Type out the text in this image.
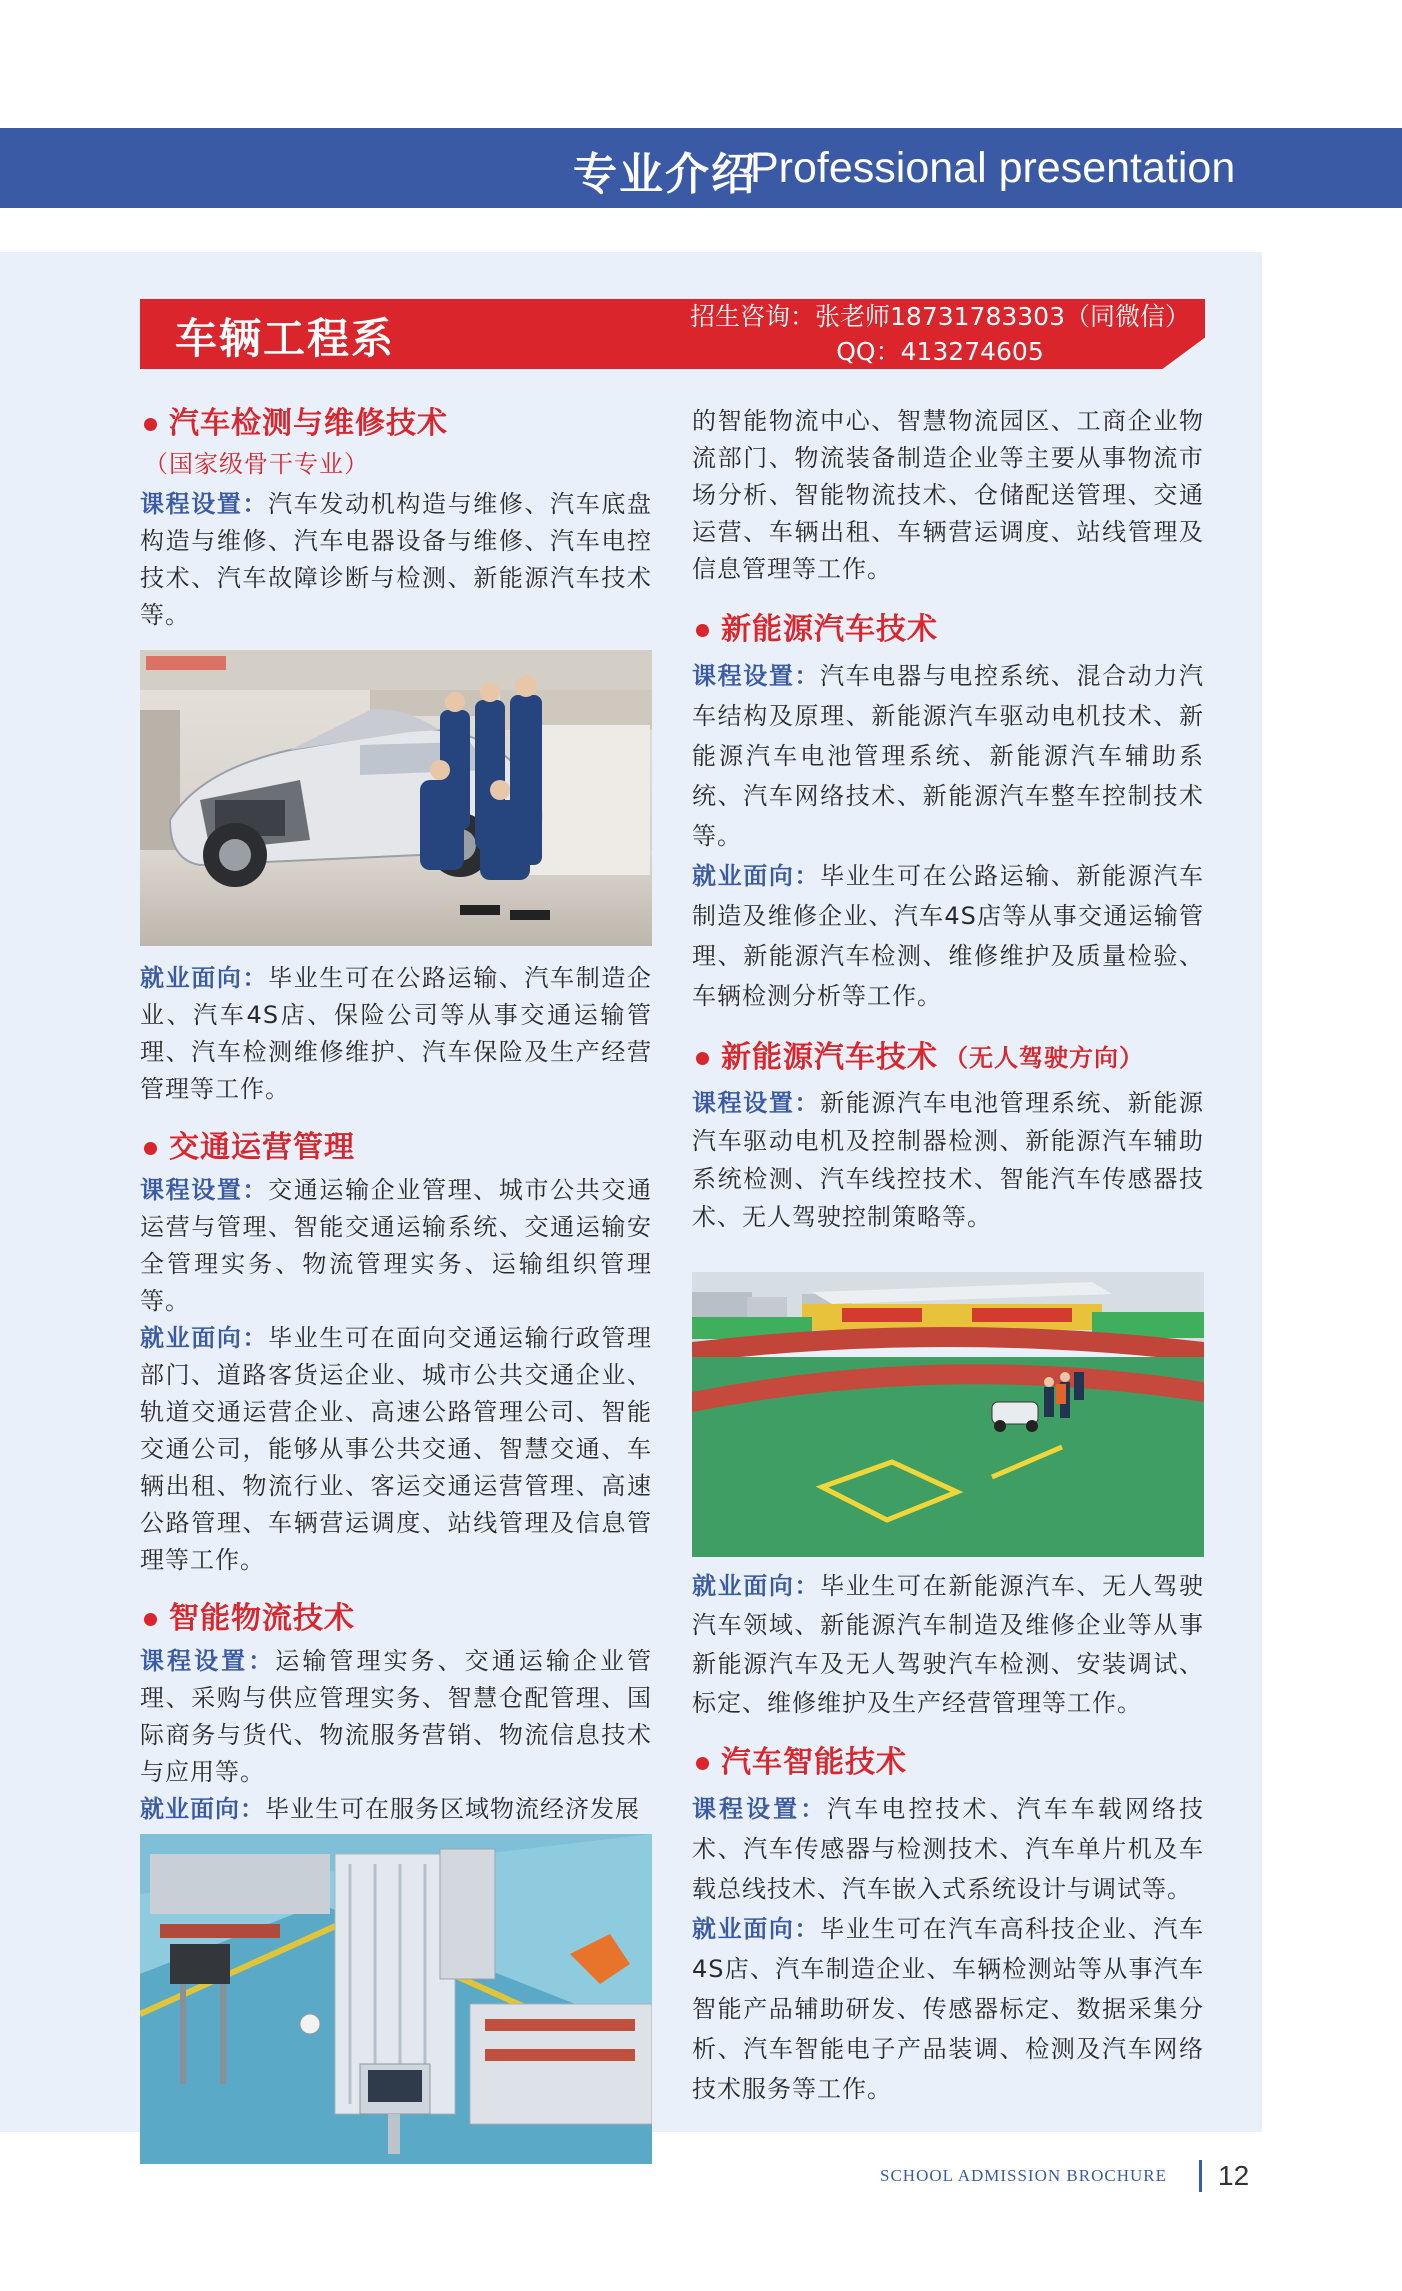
专业介绍
Professional presentation
车辆工程系	招生咨询：张老师18731783303（同微信）
QQ：413274605
汽车检测与维修技术
（国家级骨干专业）
课程设置：汽车发动机构造与维修、汽车底盘构造与维修、汽车电器设备与维修、汽车电控技术、汽车故障诊断与检测、新能源汽车技术等。
就业面向：毕业生可在公路运输、汽车制造企业、汽车4S店、保险公司等从事交通运输管理、汽车检测维修维护、汽车保险及生产经营管理等工作。
交通运营管理
课程设置：交通运输企业管理、城市公共交通运营与管理、智能交通运输系统、交通运输安全管理实务、物流管理实务、运输组织管理等。
就业面向：毕业生可在面向交通运输行政管理部门、道路客货运企业、城市公共交通企业、轨道交通运营企业、高速公路管理公司、智能交通公司，能够从事公共交通、智慧交通、车辆出租、物流行业、客运交通运营管理、高速公路管理、车辆营运调度、站线管理及信息管理等工作。
智能物流技术
课程设置：运输管理实务、交通运输企业管理、采购与供应管理实务、智慧仓配管理、国际商务与货代、物流服务营销、物流信息技术与应用等。
就业面向：毕业生可在服务区域物流经济发展
的智能物流中心、智慧物流园区、工商企业物流部门、物流装备制造企业等主要从事物流市场分析、智能物流技术、仓储配送管理、交通运营、车辆出租、车辆营运调度、站线管理及信息管理等工作。
新能源汽车技术
课程设置：汽车电器与电控系统、混合动力汽车结构及原理、新能源汽车驱动电机技术、新能源汽车电池管理系统、新能源汽车辅助系统、汽车网络技术、新能源汽车整车控制技术等。
就业面向：毕业生可在公路运输、新能源汽车制造及维修企业、汽车4S店等从事交通运输管理、新能源汽车检测、维修维护及质量检验、车辆检测分析等工作。
新能源汽车技术 （无人驾驶方向）
课程设置：新能源汽车电池管理系统、新能源汽车驱动电机及控制器检测、新能源汽车辅助系统检测、汽车线控技术、智能汽车传感器技术、无人驾驶控制策略等。
就业面向：毕业生可在新能源汽车、无人驾驶汽车领域、新能源汽车制造及维修企业等从事新能源汽车及无人驾驶汽车检测、安装调试、标定、维修维护及生产经营管理等工作。
汽车智能技术
课程设置：汽车电控技术、汽车车载网络技术、汽车传感器与检测技术、汽车单片机及车载总线技术、汽车嵌入式系统设计与调试等。
就业面向：毕业生可在汽车高科技企业、汽车4S店、汽车制造企业、车辆检测站等从事汽车智能产品辅助研发、传感器标定、数据采集分析、汽车智能电子产品装调、检测及汽车网络技术服务等工作。
SCHOOL ADMISSION BROCHURE 12
